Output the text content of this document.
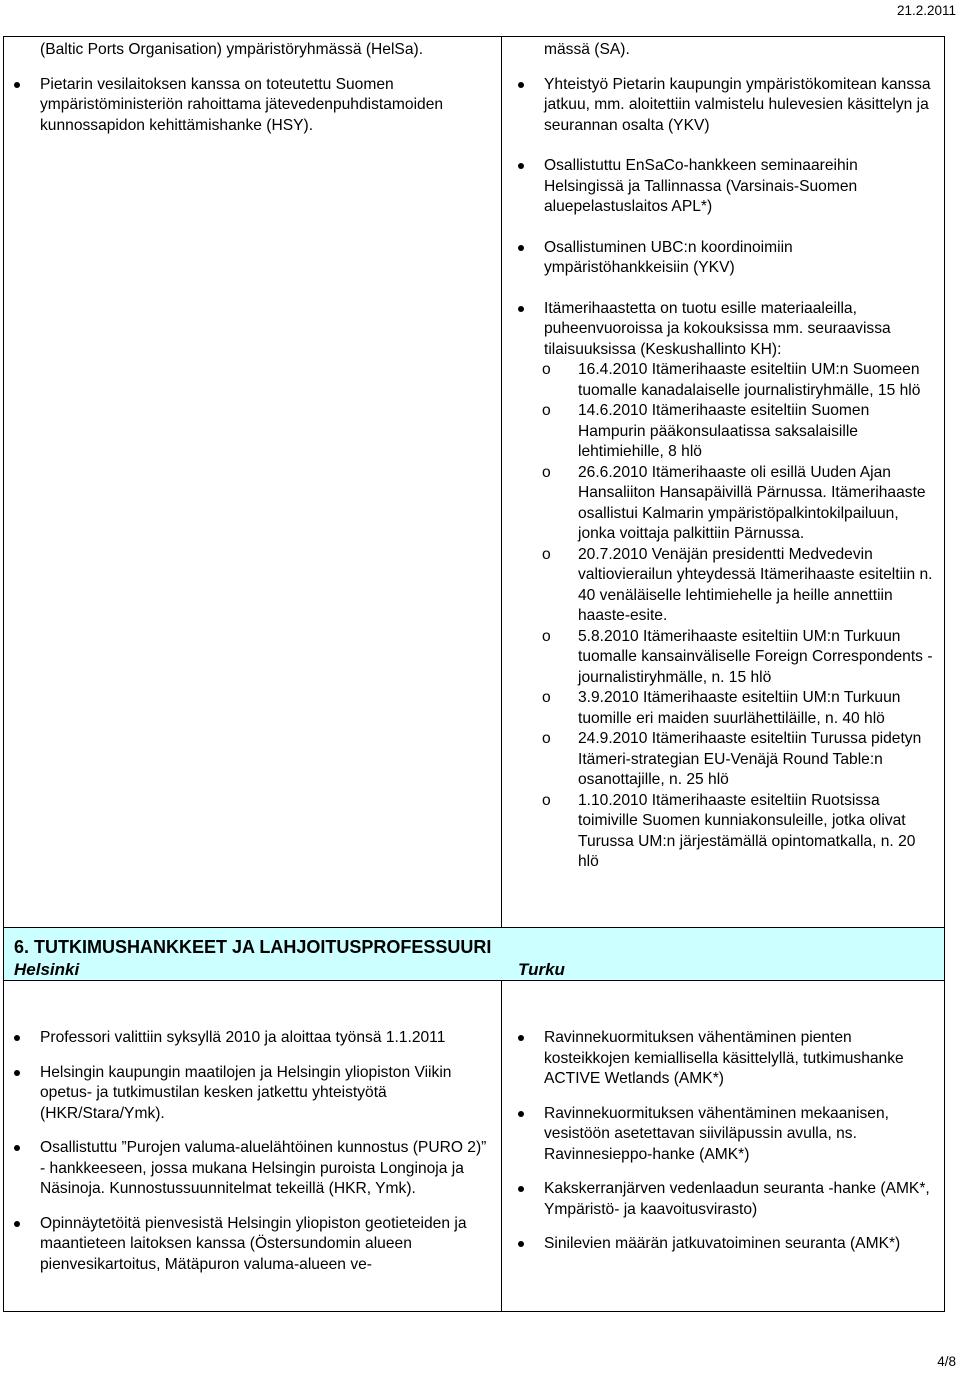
21.2.2011
(Baltic Ports Organisation) ympäristöryhmässä (HelSa).
Pietarin vesilaitoksen kanssa on toteutettu Suomen ympäristöministeriön rahoittama jätevedenpuhdistamoiden kunnossapidon kehittämishanke (HSY).
mässä (SA).
Yhteistyö Pietarin kaupungin ympäristökomitean kanssa jatkuu, mm. aloitettiin valmistelu hulevesien käsittelyn ja seurannan osalta (YKV)
Osallistuttu EnSaCo-hankkeen seminaareihin Helsingissä ja Tallinnassa (Varsinais-Suomen aluepelastuslaitos APL*)
Osallistuminen UBC:n koordinoimiin ympäristöhankkeisiin (YKV)
Itämerihaastetta on tuotu esille materiaaleilla, puheenvuoroissa ja kokouksissa mm. seuraavissa tilaisuuksissa (Keskushallinto KH):
o 16.4.2010 Itämerihaaste esiteltiin UM:n Suomeen tuomalle kanadalaiselle journalistiryhmälle, 15 hlö
o 14.6.2010 Itämerihaaste esiteltiin Suomen Hampurin pääkonsulaatissa saksalaisille lehtimiehille, 8 hlö
o 26.6.2010 Itämerihaaste oli esillä Uuden Ajan Hansaliiton Hansapäivillä Pärnussa. Itämerihaaste osallistui Kalmarin ympäristöpalkintokilpailuun, jonka voittaja palkittiin Pärnussa.
o 20.7.2010 Venäjän presidentti Medvedevin valtiovierailun yhteydessä Itämerihaaste esiteltiin n. 40 venäläiselle lehtimiehelle ja heille annettiin haaste-esite.
o 5.8.2010 Itämerihaaste esiteltiin UM:n Turkuun tuomalle kansainväliselle Foreign Correspondents -journalistiryhmälle, n. 15 hlö
o 3.9.2010 Itämerihaaste esiteltiin UM:n Turkuun tuomille eri maiden suurlähettiläille, n. 40 hlö
o 24.9.2010 Itämerihaaste esiteltiin Turussa pidetyn Itämeri-strategian EU-Venäjä Round Table:n osanottajille, n. 25 hlö
o 1.10.2010 Itämerihaaste esiteltiin Ruotsissa toimiville Suomen kunniakonsuleille, jotka olivat Turussa UM:n järjestämällä opintomatkalla, n. 20 hlö
6. TUTKIMUSHANKKEET JA LAHJOITUSPROFESSUURI
Helsinki	Turku
Professori valittiin syksyllä 2010 ja aloittaa työnsä 1.1.2011
Helsingin kaupungin maatilojen ja Helsingin yliopiston Viikin opetus- ja tutkimustilan kesken jatkettu yhteistyötä (HKR/Stara/Ymk).
Osallistuttu ”Purojen valuma-aluelähtöinen kunnostus (PURO 2)” - hankkeeseen, jossa mukana Helsingin puroista Longinoja ja Näsinoja. Kunnostussuunnitelmat tekeillä (HKR, Ymk).
Opinnäytetöitä pienvesistä Helsingin yliopiston geotieteiden ja maantieteen laitoksen kanssa (Östersundomin alueen pienvesikartoitus, Mätäpuron valuma-alueen ve-
Ravinnekuormituksen vähentäminen pienten kosteikkojen kemiallisella käsittelyllä, tutkimushanke ACTIVE Wetlands (AMK*)
Ravinnekuormituksen vähentäminen mekaanisen, vesistöön asetettavan siiviläpussin avulla, ns. Ravinnesieppo-hanke (AMK*)
Kakskerranjärven vedenlaadun seuranta -hanke (AMK*, Ympäristö- ja kaavoitusvirasto)
Sinilevien määrän jatkuvatoiminen seuranta (AMK*)
4/8
